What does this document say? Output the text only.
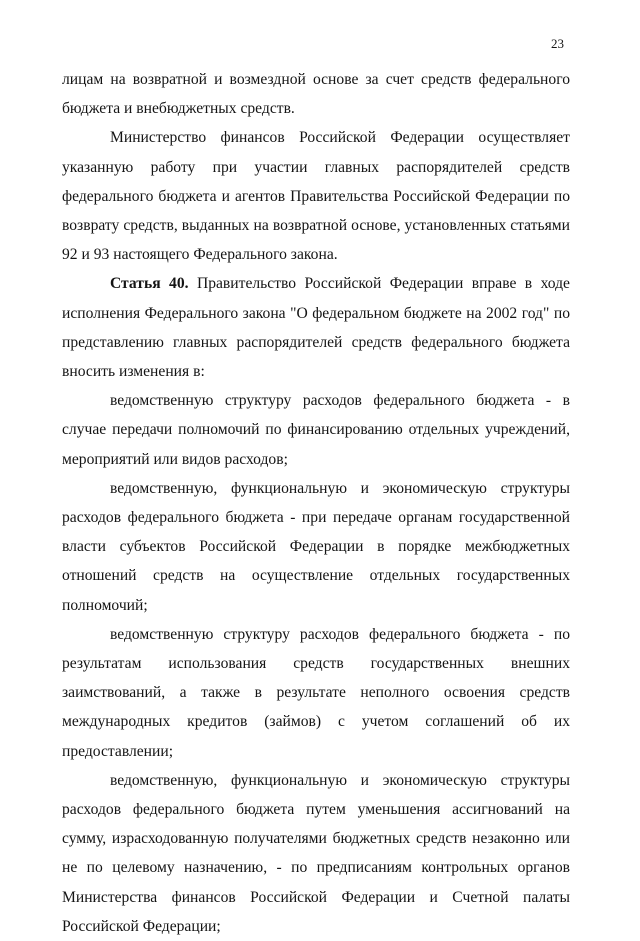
23

лицам на возвратной и возмездной основе за счет средств федерального бюджета и внебюджетных средств.

Министерство финансов Российской Федерации осуществляет указанную работу при участии главных распорядителей средств федерального бюджета и агентов Правительства Российской Федерации по возврату средств, выданных на возвратной основе, установленных статьями 92 и 93 настоящего Федерального закона.

Статья 40. Правительство Российской Федерации вправе в ходе исполнения Федерального закона "О федеральном бюджете на 2002 год" по представлению главных распорядителей средств федерального бюджета вносить изменения в:

ведомственную структуру расходов федерального бюджета - в случае передачи полномочий по финансированию отдельных учреждений, мероприятий или видов расходов;

ведомственную, функциональную и экономическую структуры расходов федерального бюджета - при передаче органам государственной власти субъектов Российской Федерации в порядке межбюджетных отношений средств на осуществление отдельных государственных полномочий;

ведомственную структуру расходов федерального бюджета - по результатам использования средств государственных внешних заимствований, а также в результате неполного освоения средств международных кредитов (займов) с учетом соглашений об их предоставлении;

ведомственную, функциональную и экономическую структуры расходов федерального бюджета путем уменьшения ассигнований на сумму, израсходованную получателями бюджетных средств незаконно или не по целевому назначению, - по предписаниям контрольных органов Министерства финансов Российской Федерации и Счетной палаты Российской Федерации;
